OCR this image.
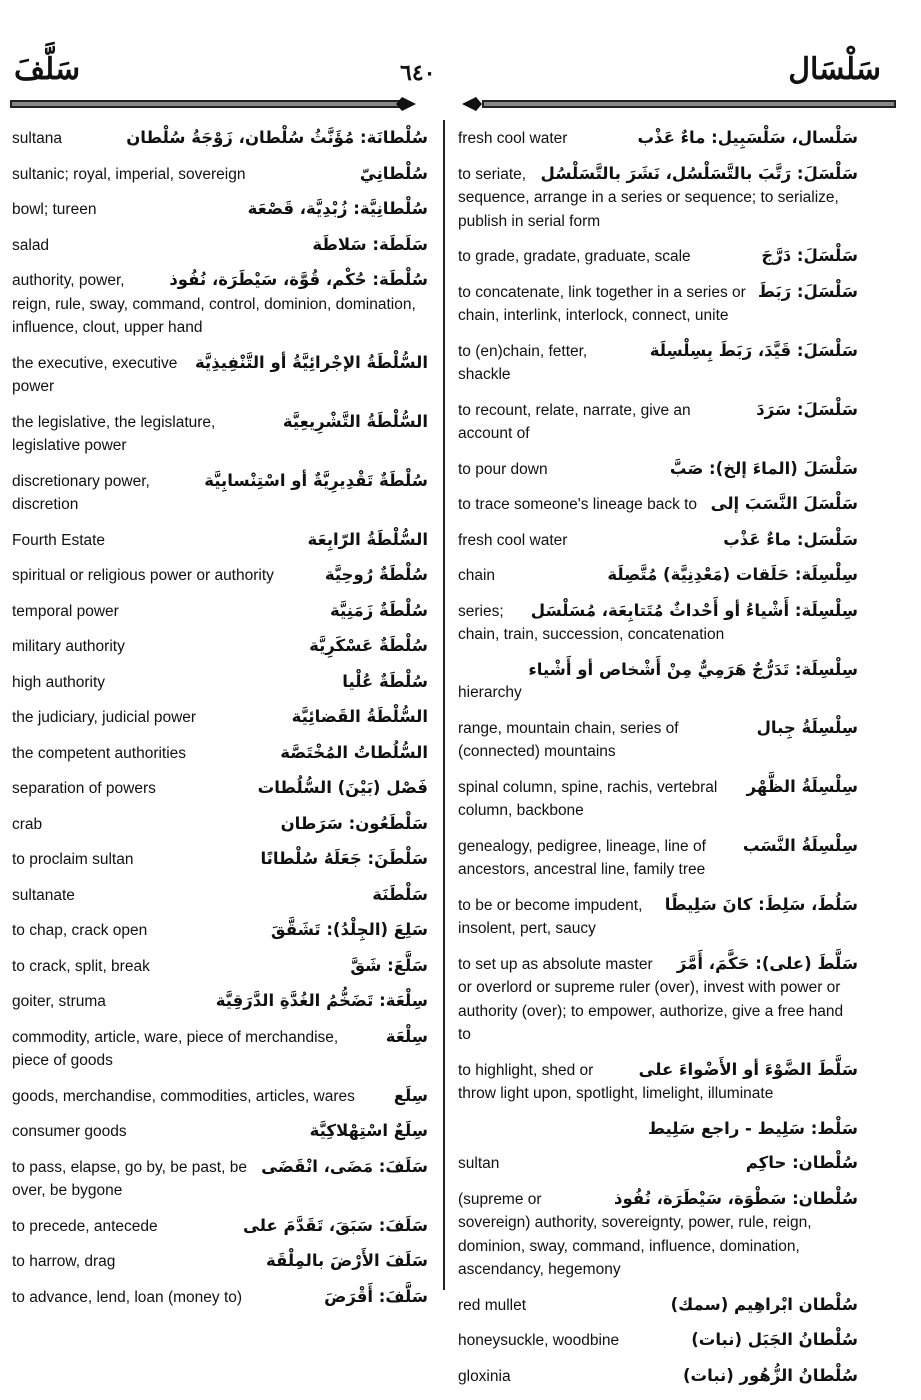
سَلَّفَ	٦٤٠	سَلْسَال
سُلْطانَة: مُؤَنَّثُ سُلْطان، زَوْجَةُ سُلْطان
sultana
سُلْطانِيّ
sultanic; royal, imperial, sovereign
سُلْطانِيَّة: زُبْدِيَّة، قَصْعَة
bowl; tureen
سَلَطَة: سَلاطَة
salad
سُلْطَة: حُكْم، قُوَّة، سَيْطَرَة، نُفُوذ
authority, power, reign, rule, sway, command, control, dominion, domination, influence, clout, upper hand
السُّلْطَةُ الإجْرائِيَّةُ أو التَّنْفِيذِيَّة
the executive, executive power
السُّلْطَةُ التَّشْرِيعِيَّة
the legislative, the legislature, legislative power
سُلْطَةٌ تَقْدِيرِيَّةٌ أو اسْتِنْسابِيَّة
discretionary power, discretion
السُّلْطَةُ الرّابِعَة
Fourth Estate
سُلْطَةٌ رُوحِيَّة
spiritual or religious power or authority
سُلْطَةٌ زَمَنِيَّة
temporal power
سُلْطَةٌ عَسْكَرِيَّة
military authority
سُلْطَةٌ عُلْيا
high authority
السُّلْطَةُ القَضائِيَّة
the judiciary, judicial power
السُّلُطاتُ المُخْتَصَّة
the competent authorities
فَصْل (بَيْنَ) السُّلُطات
separation of powers
سَلْطَعُون: سَرَطان
crab
سَلْطَنَ: جَعَلَهُ سُلْطانًا
to proclaim sultan
سَلْطَنَة
sultanate
سَلِعَ (الجِلْدُ): تَشَقَّقَ
to chap, crack open
سَلَّعَ: شَقَّ
to crack, split, break
سِلْعَة: تَضَخُّمُ الغُدَّةِ الدَّرَقِيَّة
goiter, struma
سِلْعَة
commodity, article, ware, piece of merchandise, piece of goods
سِلَع
goods, merchandise, commodities, articles, wares
سِلَعٌ اسْتِهْلاكِيَّة
consumer goods
سَلَفَ: مَضَى، انْقَضَى
to pass, elapse, go by, be past, be over, be bygone
سَلَفَ: سَبَقَ، تَقَدَّمَ على
to precede, antecede
سَلَفَ الأَرْضَ بالمِلْقَة
to harrow, drag
سَلَّفَ: أَقْرَضَ
to advance, lend, loan (money to)
سَلْسال، سَلْسَبِيل: ماءٌ عَذْب
fresh cool water
سَلْسَلَ: رَتَّبَ بالتَّسَلْسُل، نَشَرَ بالتَّسَلْسُل
to seriate, sequence, arrange in a series or sequence; to serialize, publish in serial form
سَلْسَلَ: دَرَّجَ
to grade, gradate, graduate, scale
سَلْسَلَ: رَبَطَ
to concatenate, link together in a series or chain, interlink, interlock, connect, unite
سَلْسَلَ: قَيَّدَ، رَبَطَ بِسِلْسِلَة
to (en)chain, fetter, shackle
سَلْسَلَ: سَرَدَ
to recount, relate, narrate, give an account of
سَلْسَلَ (الماءَ إلخ): صَبَّ
to pour down
سَلْسَلَ النَّسَبَ إلى
to trace someone's lineage back to
سَلْسَل: ماءٌ عَذْب
fresh cool water
سِلْسِلَة: حَلَقات (مَعْدِنِيَّة) مُتَّصِلَة
chain
سِلْسِلَة: أَشْياءُ أو أَحْداثٌ مُتَتابِعَة، مُسَلْسَل
series; chain, train, succession, concatenation
سِلْسِلَة: تَدَرُّجٌ هَرَمِيٌّ مِنْ أَشْخاص أو أَشْياء
hierarchy
سِلْسِلَةُ جِبال
range, mountain chain, series of (connected) mountains
سِلْسِلَةُ الظَّهْر
spinal column, spine, rachis, vertebral column, backbone
سِلْسِلَةُ النَّسَب
genealogy, pedigree, lineage, line of ancestors, ancestral line, family tree
سَلُطَ، سَلِطَ: كانَ سَلِيطًا
to be or become impudent, insolent, pert, saucy
سَلَّطَ (على): حَكَّمَ، أَمَّرَ
to set up as absolute master or overlord or supreme ruler (over), invest with power or authority (over); to empower, authorize, give a free hand to
سَلَّطَ الضَّوْءَ أو الأَضْواءَ على
to highlight, shed or throw light upon, spotlight, limelight, illuminate
سَلْط: سَلِيط - راجع سَلِيط
سُلْطان: حاكِم
sultan
سُلْطان: سَطْوَة، سَيْطَرَة، نُفُوذ
(supreme or sovereign) authority, sovereignty, power, rule, reign, dominion, sway, command, influence, domination, ascendancy, hegemony
سُلْطان ابْراهِيم (سمك)
red mullet
سُلْطانُ الجَبَل (نبات)
honeysuckle, woodbine
سُلْطانُ الزُّهُور (نبات)
gloxinia
